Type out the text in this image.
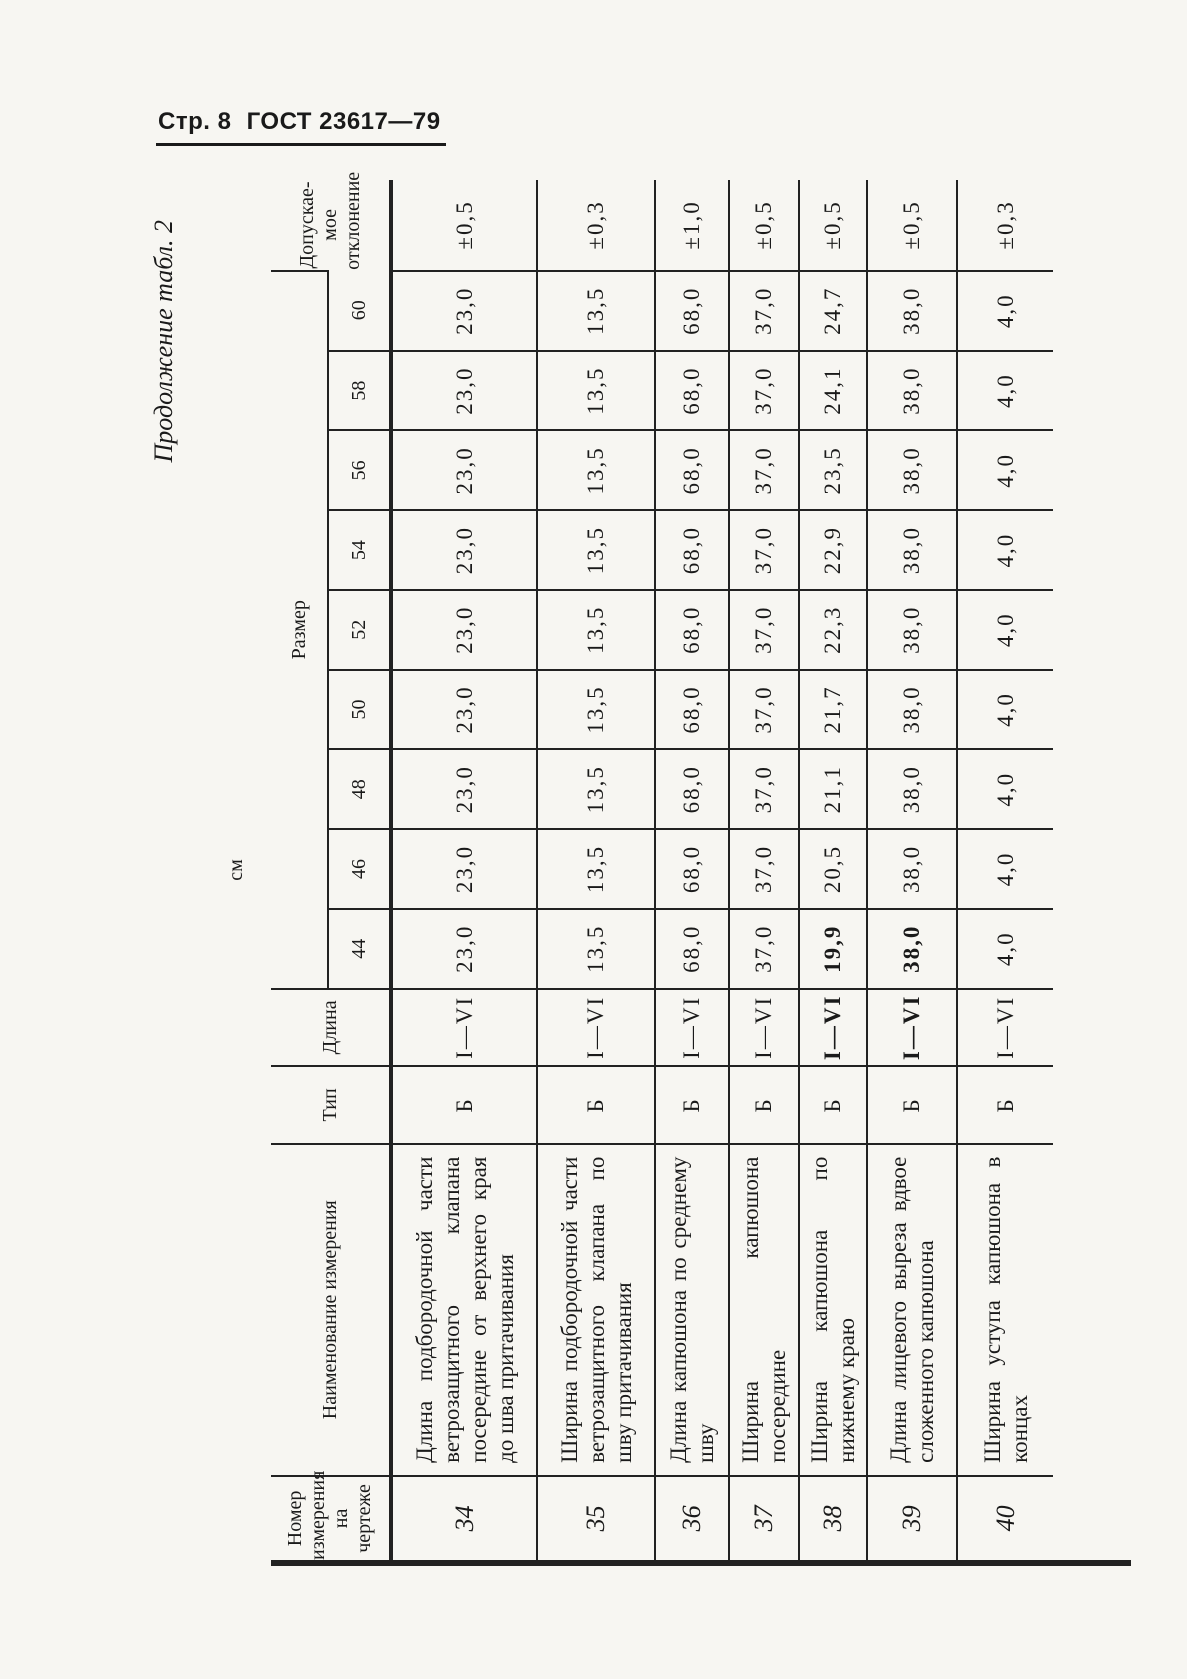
Стр. 8 ГОСТ 23617—79
Продолжение табл. 2
см
Номер измерения на чертеже	Наименование измерения	Тип	Длина	Размер									Допускае-мое отклонение
				44	46	48	50	52	54	56	58	60	
34	Длина подбородочной части ветрозащитного клапана посередине от верхнего края до шва притачивания	Б	I—VI	23,0	23,0	23,0	23,0	23,0	23,0	23,0	23,0	23,0	±0,5
35	Ширина подбородочной части ветрозащитного клапана по шву притачивания	Б	I—VI	13,5	13,5	13,5	13,5	13,5	13,5	13,5	13,5	13,5	±0,3
36	Длина капюшона по среднему шву	Б	I—VI	68,0	68,0	68,0	68,0	68,0	68,0	68,0	68,0	68,0	±1,0
37	Ширина капюшона посередине	Б	I—VI	37,0	37,0	37,0	37,0	37,0	37,0	37,0	37,0	37,0	±0,5
38	Ширина капюшона по нижнему краю	Б	I—VI	19,9	20,5	21,1	21,7	22,3	22,9	23,5	24,1	24,7	±0,5
39	Длина лицевого выреза вдвое сложенного капюшона	Б	I—VI	38,0	38,0	38,0	38,0	38,0	38,0	38,0	38,0	38,0	±0,5
40	Ширина уступа капюшона в концах	Б	I—VI	4,0	4,0	4,0	4,0	4,0	4,0	4,0	4,0	4,0	±0,3
